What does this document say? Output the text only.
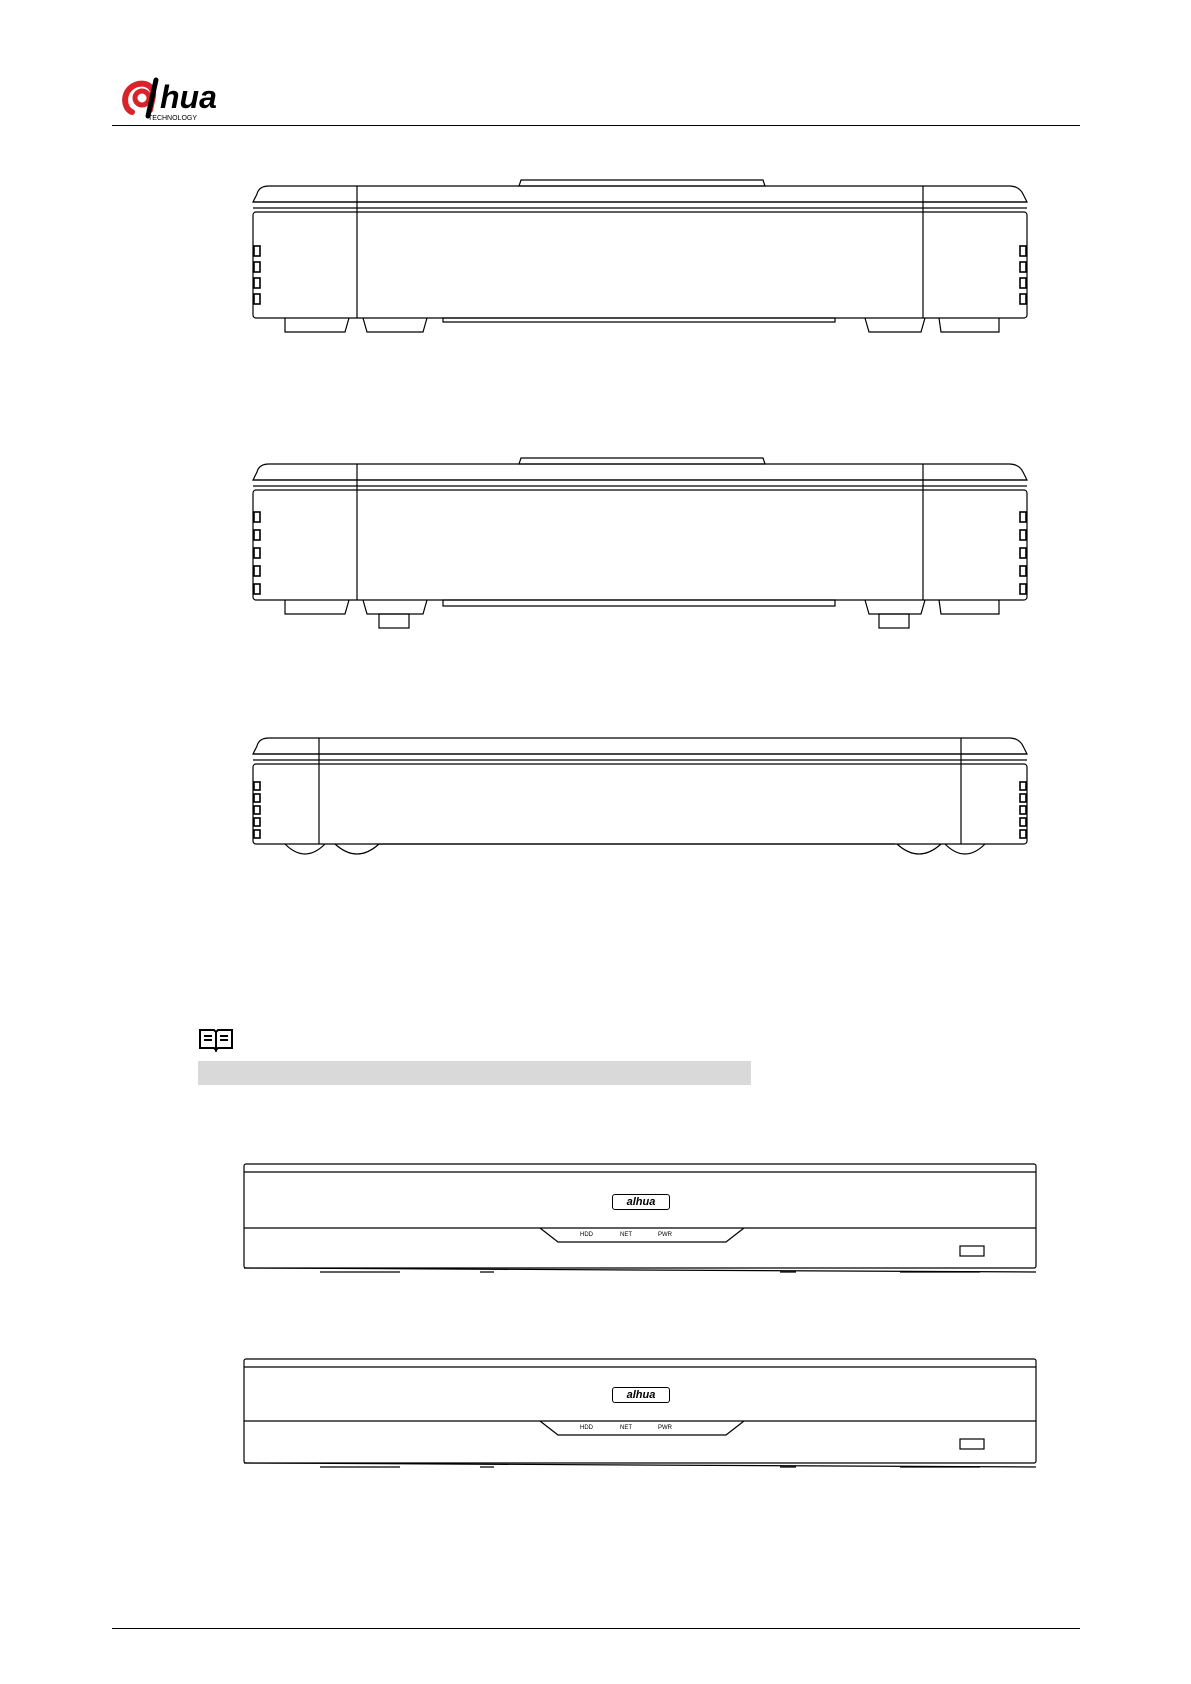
hua
TECHNOLOGY
alhua
HDD	NET	PWR
alhua
HDD	NET	PWR
